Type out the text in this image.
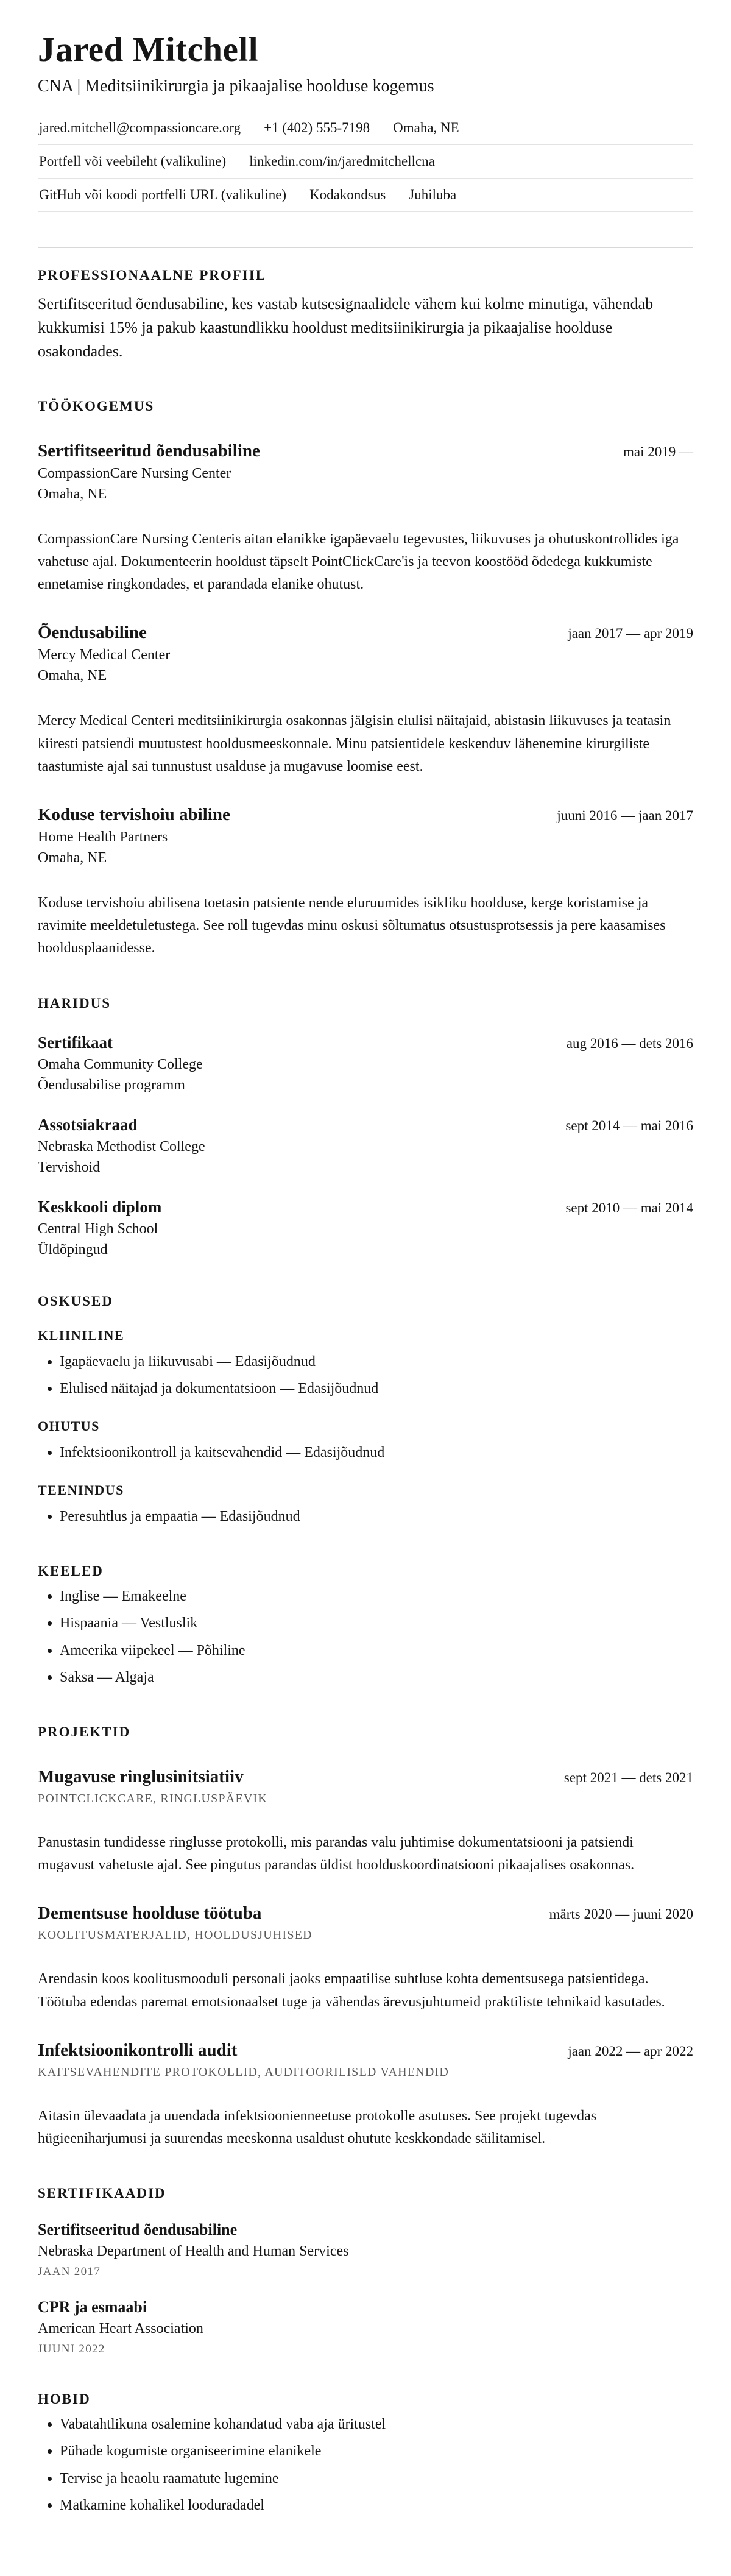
Jared Mitchell
CNA | Meditsiinikirurgia ja pikaajalise hoolduse kogemus
jared.mitchell@compassioncare.org +1 (402) 555-7198 Omaha, NE
Portfell või veebileht (valikuline) linkedin.com/in/jaredmitchellcna
GitHub või koodi portfelli URL (valikuline) Kodakondsus Juhiluba
PROFESSIONAALNE PROFIIL

Sertifitseeritud õendusabiline, kes vastab kutsesignaalidele vähem kui kolme minutiga, vähendab kukkumisi 15% ja pakub kaastundlikku hooldust meditsiinikirurgia ja pikaajalise hoolduse osakondades.

TÖÖKOGEMUS
Sertifitseeritud õendusabiline	mai 2019 —
CompassionCare Nursing Center
Omaha, NE

CompassionCare Nursing Centeris aitan elanikke igapäevaelu tegevustes, liikuvuses ja ohutuskontrollides iga vahetuse ajal. Dokumenteerin hooldust täpselt PointClickCare'is ja teevon koostööd õdedega kukkumiste ennetamise ringkondades, et parandada elanike ohutust.

Õendusabiline	jaan 2017 — apr 2019
Mercy Medical Center
Omaha, NE

Mercy Medical Centeri meditsiinikirurgia osakonnas jälgisin elulisi näitajaid, abistasin liikuvuses ja teatasin kiiresti patsiendi muutustest hooldusmeeskonnale. Minu patsientidele keskenduv lähenemine kirurgiliste taastumiste ajal sai tunnustust usalduse ja mugavuse loomise eest.

Koduse tervishoiu abiline	juuni 2016 — jaan 2017
Home Health Partners
Omaha, NE

Koduse tervishoiu abilisena toetasin patsiente nende eluruumides isikliku hoolduse, kerge koristamise ja ravimite meeldetuletustega. See roll tugevdas minu oskusi sõltumatus otsustusprotsessis ja pere kaasamises hooldusplaanidesse.

HARIDUS
Sertifikaat	aug 2016 — dets 2016
Omaha Community College
Õendusabilise programm
Assotsiakraad	sept 2014 — mai 2016
Nebraska Methodist College
Tervishoid
Keskkooli diplom	sept 2010 — mai 2014
Central High School
Üldõpingud
OSKUSED
KLIINILINE
• Igapäevaelu ja liikuvusabi — Edasijõudnud
• Elulised näitajad ja dokumentatsioon — Edasijõudnud
OHUTUS
• Infektsioonikontroll ja kaitsevahendid — Edasijõudnud
TEENINDUS
• Peresuhtlus ja empaatia — Edasijõudnud
KEELED
• Inglise — Emakeelne
• Hispaania — Vestluslik
• Ameerika viipekeel — Põhiline
• Saksa — Algaja
PROJEKTID
Mugavuse ringlusinitsiatiiv	sept 2021 — dets 2021
POINTCLICKCARE, RINGLUSPÄEVIK

Panustasin tundidesse ringlusse protokolli, mis parandas valu juhtimise dokumentatsiooni ja patsiendi mugavust vahetuste ajal. See pingutus parandas üldist hoolduskoordinatsiooni pikaajalises osakonnas.

Dementsuse hoolduse töötuba	märts 2020 — juuni 2020
KOOLITUSMATERJALID, HOOLDUSJUHISED

Arendasin koos koolitusmooduli personali jaoks empaatilise suhtluse kohta dementsusega patsientidega. Töötuba edendas paremat emotsionaalset tuge ja vähendas ärevusjuhtumeid praktiliste tehnikaid kasutades.

Infektsioonikontrolli audit	jaan 2022 — apr 2022
KAITSEVAHENDITE PROTOKOLLID, AUDITOORILISED VAHENDID

Aitasin ülevaadata ja uuendada infektsioonienneetuse protokolle asutuses. See projekt tugevdas hügieeniharjumusi ja suurendas meeskonna usaldust ohutute keskkondade säilitamisel.

SERTIFIKAADID
Sertifitseeritud õendusabiline
Nebraska Department of Health and Human Services
JAAN 2017
CPR ja esmaabi
American Heart Association
JUUNI 2022
HOBID
• Vabatahtlikuna osalemine kohandatud vaba aja üritustel
• Pühade kogumiste organiseerimine elanikele
• Tervise ja heaolu raamatute lugemine
• Matkamine kohalikel looduradadel
